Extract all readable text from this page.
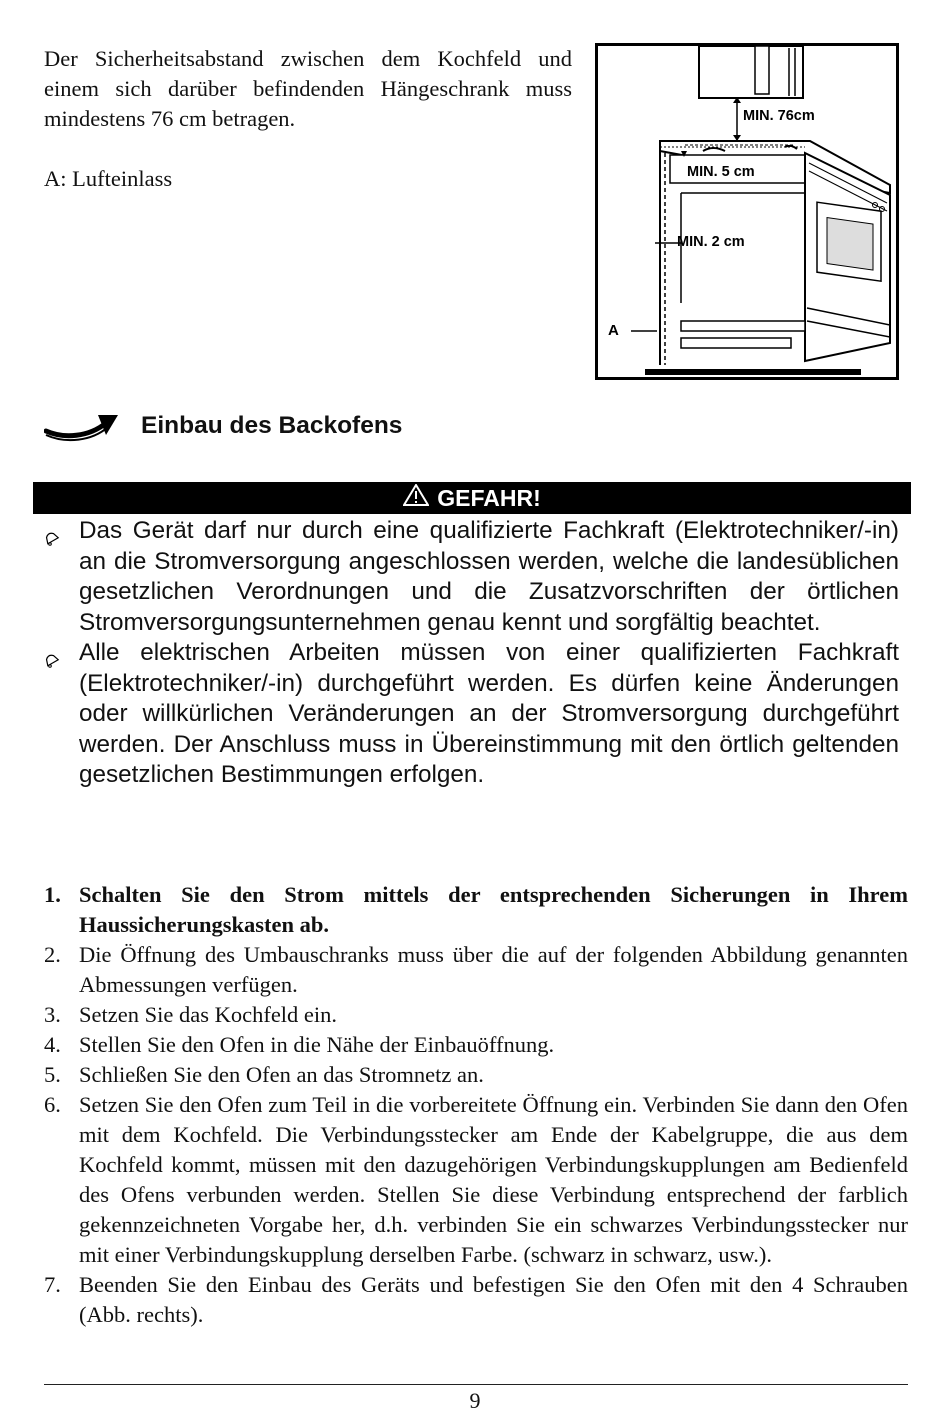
Der Sicherheitsabstand zwischen dem Kochfeld und einem sich darüber befindenden Hängeschrank muss mindestens 76 cm betragen.

A: Lufteinlass

MIN. 76cm
MIN. 5 cm
MIN. 2 cm
A
Einbau des Backofens
GEFAHR!
Das Gerät darf nur durch eine qualifizierte Fachkraft (Elektrotechniker/-in) an die Stromversorgung angeschlossen werden, welche die landesüblichen gesetzlichen Verordnungen und die Zusatzvorschriften der örtlichen Stromversorgungsunternehmen genau kennt und sorgfältig beachtet.
Alle elektrischen Arbeiten müssen von einer qualifizierten Fachkraft (Elektrotechniker/-in) durchgeführt werden. Es dürfen keine Änderungen oder willkürlichen Veränderungen an der Stromversorgung durchgeführt werden. Der Anschluss muss in Übereinstimmung mit den örtlich geltenden gesetzlichen Bestimmungen erfolgen.
1. Schalten Sie den Strom mittels der entsprechenden Sicherungen in Ihrem Haussicherungskasten ab.
2. Die Öffnung des Umbauschranks muss über die auf der folgenden Abbildung genannten Abmessungen verfügen.
3. Setzen Sie das Kochfeld ein.
4. Stellen Sie den Ofen in die Nähe der Einbauöffnung.
5. Schließen Sie den Ofen an das Stromnetz an.
6. Setzen Sie den Ofen zum Teil in die vorbereitete Öffnung ein. Verbinden Sie dann den Ofen mit dem Kochfeld. Die Verbindungsstecker am Ende der Kabelgruppe, die aus dem Kochfeld kommt, müssen mit den dazugehörigen Verbindungskupplungen am Bedienfeld des Ofens verbunden werden. Stellen Sie diese Verbindung entsprechend der farblich gekennzeichneten Vorgabe her, d.h. verbinden Sie ein schwarzes Verbindungsstecker nur mit einer Verbindungskupplung derselben Farbe. (schwarz in schwarz, usw.).
7. Beenden Sie den Einbau des Geräts und befestigen Sie den Ofen mit den 4 Schrauben (Abb. rechts).
9
